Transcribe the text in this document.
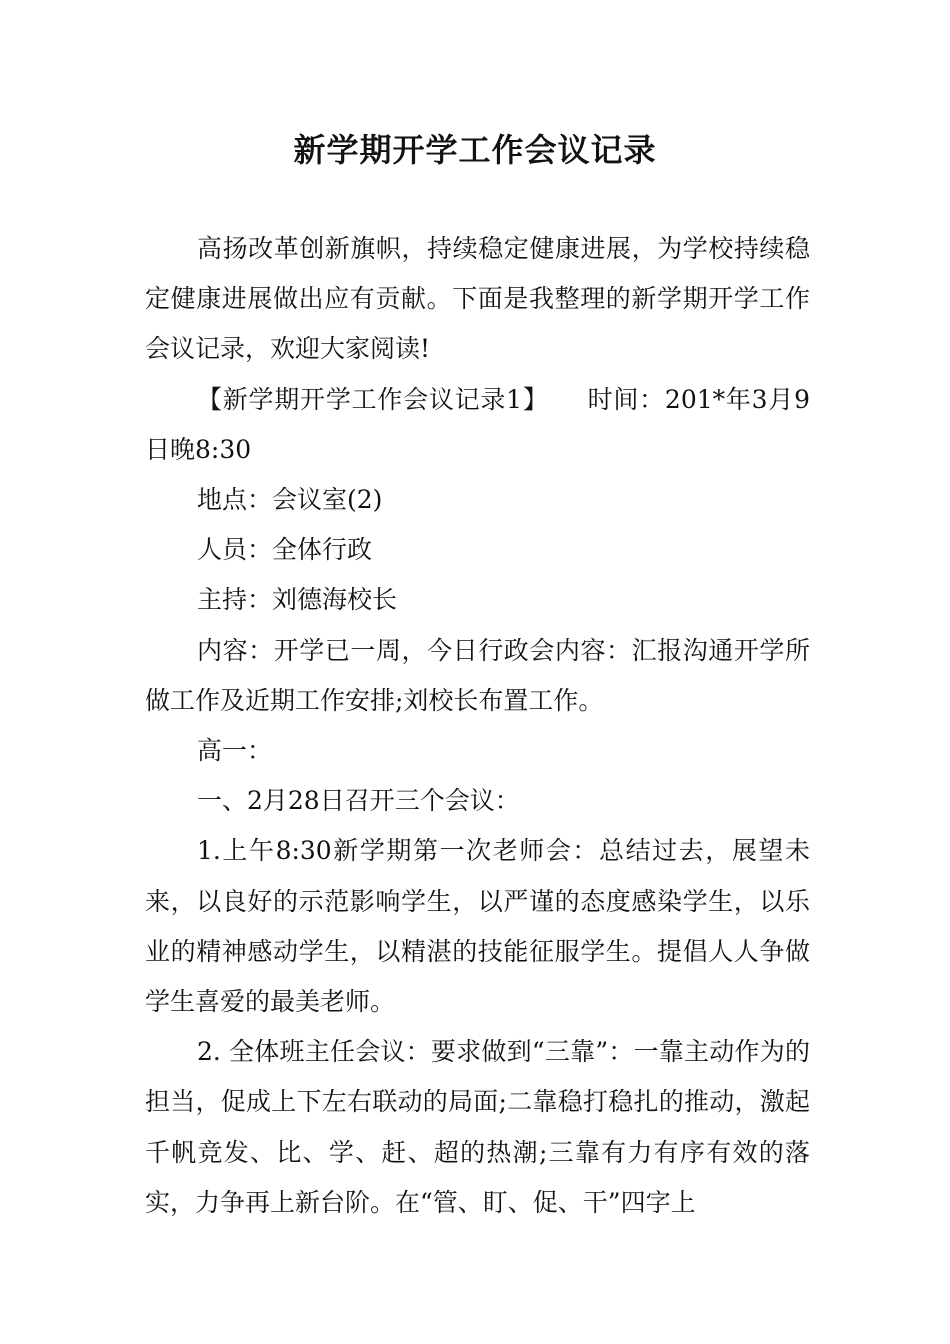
新学期开学工作会议记录

高扬改革创新旗帜，持续稳定健康进展，为学校持续稳定健康进展做出应有贡献。下面是我整理的新学期开学工作会议记录，欢迎大家阅读!

【新学期开学工作会议记录1】　　时间：201*年3月9日晚8:30

地点：会议室(2)

人员：全体行政

主持：刘德海校长

内容：开学已一周，今日行政会内容：汇报沟通开学所做工作及近期工作安排;刘校长布置工作。

高一：

一、2月28日召开三个会议：

1.上午8:30新学期第一次老师会：总结过去，展望未来，以良好的示范影响学生，以严谨的态度感染学生，以乐业的精神感动学生，以精湛的技能征服学生。提倡人人争做学生喜爱的最美老师。

2. 全体班主任会议：要求做到“三靠”：一靠主动作为的担当，促成上下左右联动的局面;二靠稳打稳扎的推动，激起千帆竞发、比、学、赶、超的热潮;三靠有力有序有效的落实，力争再上新台阶。在“管、盯、促、干”四字上
